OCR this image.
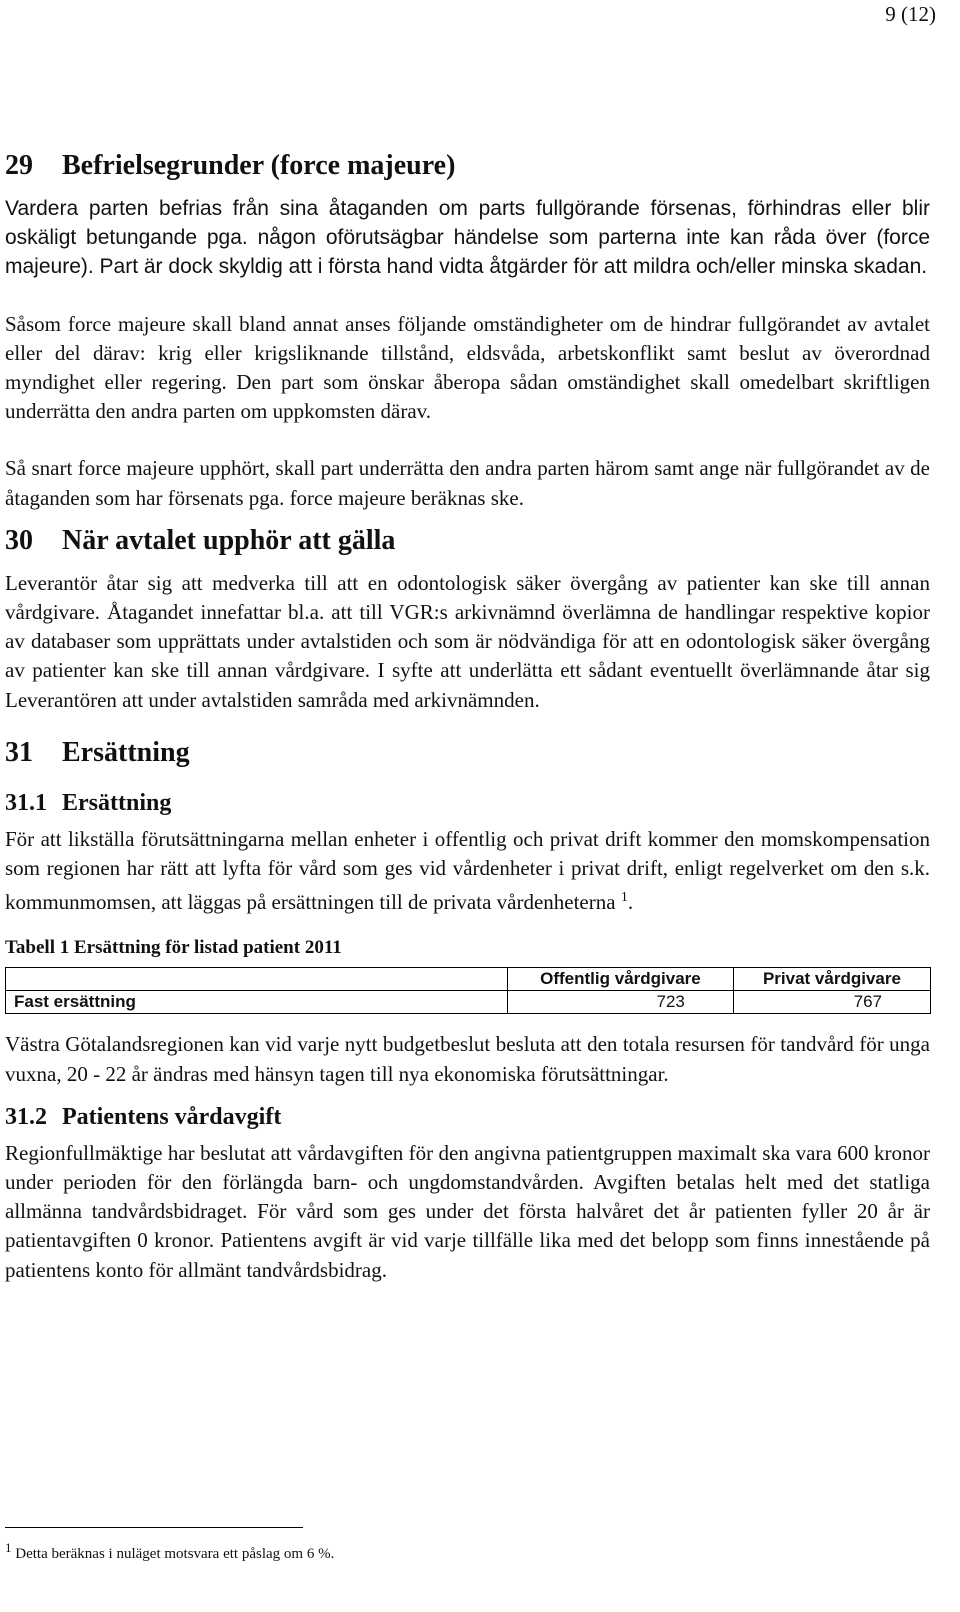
9 (12)
29 Befrielsegrunder (force majeure)

Vardera parten befrias från sina åtaganden om parts fullgörande försenas, förhindras eller blir oskäligt betungande pga. någon oförutsägbar händelse som parterna inte kan råda över (force majeure). Part är dock skyldig att i första hand vidta åtgärder för att mildra och/eller minska skadan.

Såsom force majeure skall bland annat anses följande omständigheter om de hindrar fullgörandet av avtalet eller del därav: krig eller krigsliknande tillstånd, eldsvåda, arbetskonflikt samt beslut av överordnad myndighet eller regering. Den part som önskar åberopa sådan omständighet skall omedelbart skriftligen underrätta den andra parten om uppkomsten därav.

Så snart force majeure upphört, skall part underrätta den andra parten härom samt ange när fullgörandet av de åtaganden som har försenats pga. force majeure beräknas ske.

30 När avtalet upphör att gälla

Leverantör åtar sig att medverka till att en odontologisk säker övergång av patienter kan ske till annan vårdgivare. Åtagandet innefattar bl.a. att till VGR:s arkivnämnd överlämna de handlingar respektive kopior av databaser som upprättats under avtalstiden och som är nödvändiga för att en odontologisk säker övergång av patienter kan ske till annan vårdgivare. I syfte att underlätta ett sådant eventuellt överlämnande åtar sig Leverantören att under avtalstiden samråda med arkivnämnden.

31 Ersättning
31.1 Ersättning

För att likställa förutsättningarna mellan enheter i offentlig och privat drift kommer den momskompensation som regionen har rätt att lyfta för vård som ges vid vårdenheter i privat drift, enligt regelverket om den s.k. kommunmomsen, att läggas på ersättningen till de privata vårdenheterna $^1$.

Tabell 1 Ersättning för listad patient 2011
	Offentlig vårdgivare	Privat vårdgivare
Fast ersättning	723	767

Västra Götalandsregionen kan vid varje nytt budgetbeslut besluta att den totala resursen för tandvård för unga vuxna, 20 - 22 år ändras med hänsyn tagen till nya ekonomiska förutsättningar.

31.2 Patientens vårdavgift

Regionfullmäktige har beslutat att vårdavgiften för den angivna patientgruppen maximalt ska vara 600 kronor under perioden för den förlängda barn- och ungdomstandvården. Avgiften betalas helt med det statliga allmänna tandvårdsbidraget. För vård som ges under det första halvåret det år patienten fyller 20 år är patientavgiften 0 kronor. Patientens avgift är vid varje tillfälle lika med det belopp som finns innestående på patientens konto för allmänt tandvårdsbidrag.

$^1$ Detta beräknas i nuläget motsvara ett påslag om 6 %.
